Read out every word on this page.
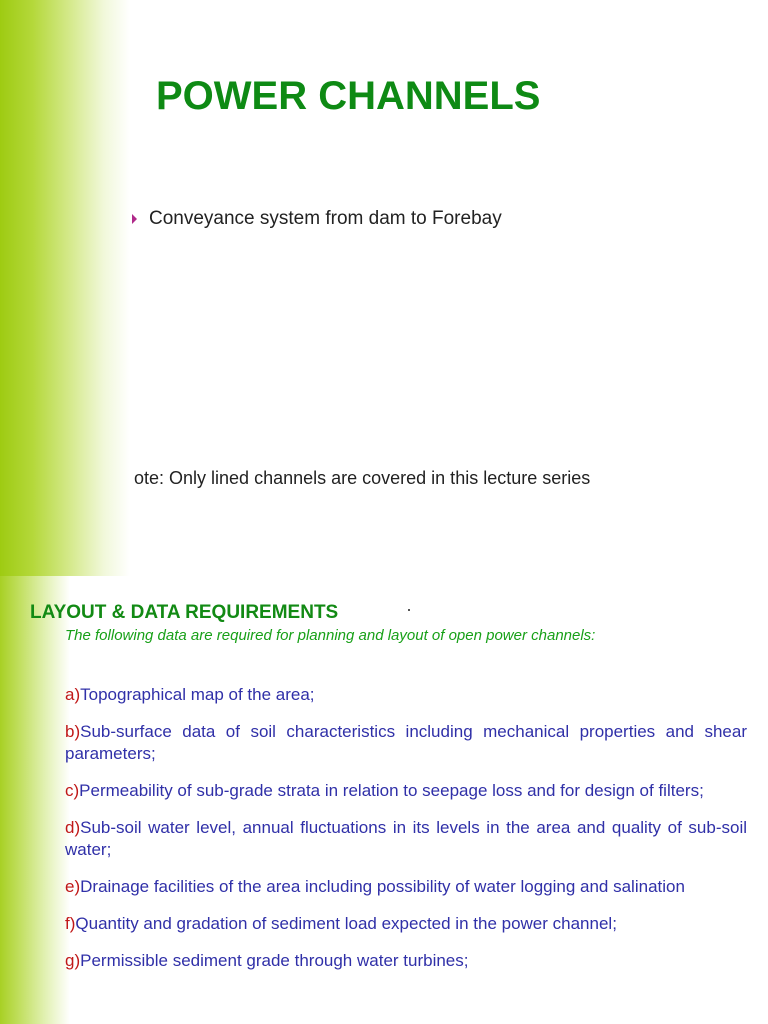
POWER CHANNELS
Conveyance system from dam to Forebay
ote: Only lined channels are covered in this lecture series
LAYOUT & DATA REQUIREMENTS
The following data are required for planning and layout of open power channels:
a)Topographical map of the area;
b)Sub-surface data of soil characteristics including mechanical properties and shear parameters;
c)Permeability of sub-grade strata in relation to seepage loss and for design of filters;
d)Sub-soil water level, annual fluctuations in its levels in the area and quality of sub-soil water;
e)Drainage facilities of the area including possibility of water logging and salination
f)Quantity and gradation of sediment load expected in the power channel;
g)Permissible sediment grade through water turbines;
